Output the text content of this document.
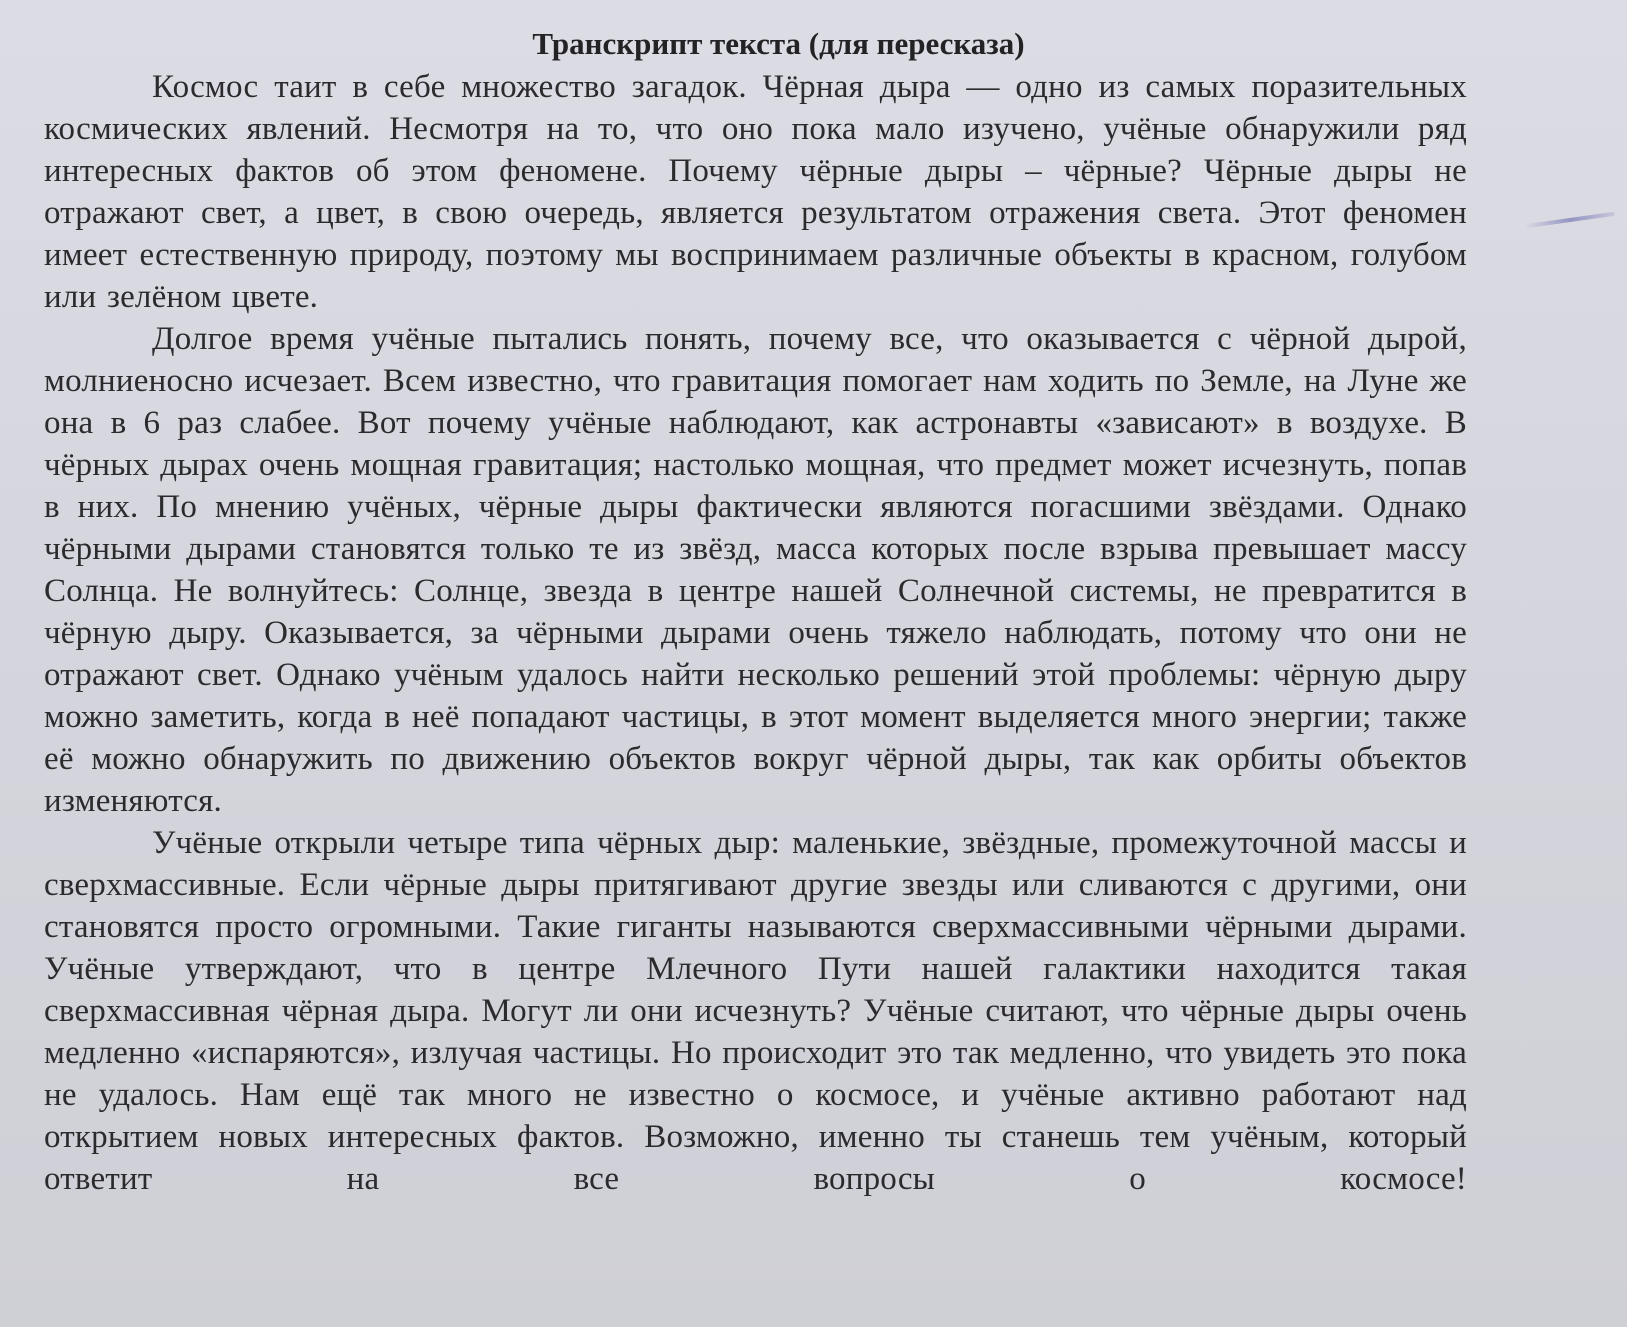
Транскрипт текста (для пересказа)

Космос таит в себе множество загадок. Чёрная дыра — одно из самых поразительных космических явлений. Несмотря на то, что оно пока мало изучено, учёные обнаружили ряд интересных фактов об этом феномене. Почему чёрные дыры – чёрные? Чёрные дыры не отражают свет, а цвет, в свою очередь, является результатом отражения света. Этот феномен имеет естественную природу, поэтому мы воспринимаем различные объекты в красном, голубом или зелёном цвете.

Долгое время учёные пытались понять, почему все, что оказывается с чёрной дырой, молниеносно исчезает. Всем известно, что гравитация помогает нам ходить по Земле, на Луне же она в 6 раз слабее. Вот почему учёные наблюдают, как астронавты «зависают» в воздухе. В чёрных дырах очень мощная гравитация; настолько мощная, что предмет может исчезнуть, попав в них. По мнению учёных, чёрные дыры фактически являются погасшими звёздами. Однако чёрными дырами становятся только те из звёзд, масса которых после взрыва превышает массу Солнца. Не волнуйтесь: Солнце, звезда в центре нашей Солнечной системы, не превратится в чёрную дыру. Оказывается, за чёрными дырами очень тяжело наблюдать, потому что они не отражают свет. Однако учёным удалось найти несколько решений этой проблемы: чёрную дыру можно заметить, когда в неё попадают частицы, в этот момент выделяется много энергии; также её можно обнаружить по движению объектов вокруг чёрной дыры, так как орбиты объектов изменяются.

Учёные открыли четыре типа чёрных дыр: маленькие, звёздные, промежуточной массы и сверхмассивные. Если чёрные дыры притягивают другие звезды или сливаются с другими, они становятся просто огромными. Такие гиганты называются сверхмассивными чёрными дырами. Учёные утверждают, что в центре Млечного Пути нашей галактики находится такая сверхмассивная чёрная дыра. Могут ли они исчезнуть? Учёные считают, что чёрные дыры очень медленно «испаряются», излучая частицы. Но происходит это так медленно, что увидеть это пока не удалось. Нам ещё так много не известно о космосе, и учёные активно работают над открытием новых интересных фактов. Возможно, именно ты станешь тем учёным, который ответит на все вопросы о космосе!
